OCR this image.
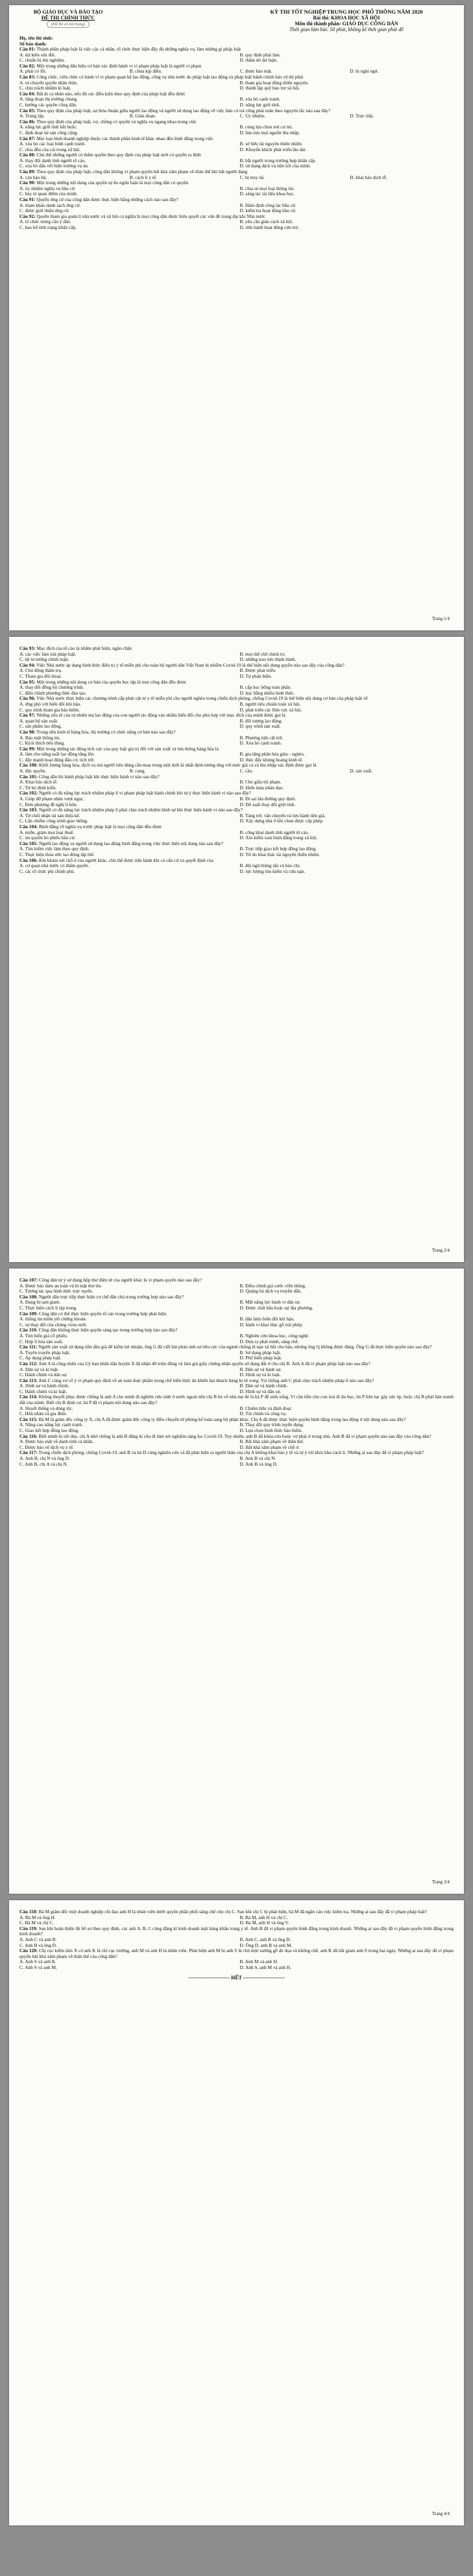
BỘ GIÁO DỤC VÀ ĐÀO TẠO
ĐỀ THI CHÍNH THỨC
(Đề thi có 04 trang)
KỲ THI TỐT NGHIỆP TRUNG HỌC PHỔ THÔNG NĂM 2020
Bài thi: KHOA HỌC XÃ HỘI
Môn thi thành phần: GIÁO DỤC CÔNG DÂN
Thời gian làm bài: 50 phút, không kể thời gian phát đề
Họ, tên thí sinh:
Số báo danh:
Câu 81: Thành phần pháp luật là việc các cá nhân, tổ chức thực hiện đầy đủ những nghĩa vụ, làm những gì pháp luật
A. dự kiến sửa đổi.	B. quy định phải làm.
C. chuẩn bị thủ nghiệm.	D. thăm dò dư luận.
Câu 82: Một trong những dấu hiệu cơ bản xác định hành vi vi phạm pháp luật là người vi phạm
A. phải có lỗi.	B. chưa kịp điều.	C. được bảo mật.	D. bị nghi ngờ.
Câu 83: Công chức, viên chức có hành vi vi phạm quan hệ lao động, công vụ nhà nước do pháp luật lao động và pháp luật hành chính bảo vệ thì phải
A. tư chuyển quyền nhân thân.	B. tham gia hoạt động thiện nguyện.
C. chịu trách nhiệm kỉ luật.	D. thành lập quỹ bảo trợ xã hội.
Câu 84: Bất kì cá nhân nào, nếu đủ các điều kiện theo quy định của pháp luật đều được
A. lãng đoạn thị trường chung.	B. xóa bỏ cạnh tranh.
C. hướng các quyền công dân.	D. nâng lực giới tính.
Câu 85: Theo quy định của pháp luật, sự thỏa thuận giữa người lao động và người sử dụng lao động về việc làm có trả công phải tuân theo nguyên tắc nào sau đây?
A. Trung lập.	B. Gián đoạn.	C. Ủy nhiệm.	D. Trực tiếp.
Câu 86: Theo quy định của pháp luật, vợ, chồng có quyền và nghĩa vụ ngang nhau trong việc
A. nâng lực giới tính bắt buộc.	B. cùng lựa chọn nơi cư trú.
C. định đoạt tài sản công cộng.	D. bảo lưu mọi nguồn thu nhập.
Câu 87: Mọi loại hình doanh nghiệp thuộc các thành phần kinh tế khác nhau đều bình đẳng trong việc
A. xóa bỏ các loại hình cạnh tranh.	B. sở hữu tài nguyên thiên nhiên.
C. chia đều của cải trong xã hội.	D. Khuyến khích phát triển lâu dài.
Câu 88: Chủ thể những người có thẩm quyền theo quy định của pháp luật mới có quyền ra lệnh
A. thay đổi danh tính người tố cáo.	B. bắt người trong trường hợp khẩn cấp.
C. xóa bỏ dấu vết hiện trường vụ án.	D. sử dụng dịch vụ tiện ích của mình.
Câu 89: Theo quy định của pháp luật, công dân không vi phạm quyền bất khả xâm phạm về thân thể khi bắt người đang
A. cản bảo hộ.	B. cách li y tế.	C. bị truy nã.	D. khai báo dịch tễ.
Câu 90: Một trong những nội dung của quyền tự do ngôn luận là mọi công dân có quyền
A. ủy nhiệm nghĩa vụ bầu cử.	B. chia sẻ mọi loại thông tin.
C. bày tỏ quan điểm của mình.	D. sáng tác tài liệu khoa học.
Câu 91: Quyền ứng cử của công dân được thực hiện bằng những cách nào sau đây?
A. tham khảo danh sách ứng cử.	B. Hàm định công tác bầu cử.
C. được giới thiệu ứng cử.	D. kiểm tra hoạt động bầu cử.
Câu 92: Quyền tham gia quản lí nhà nước và xã hội có nghĩa là mọi công dân được hiểu quyết các vấn đề trọng đại khi Nhà nước
A. tổ chức trưng cầu ý dân.	B. yêu cầu giản cách xã hội.
C. bao bố tình trạng khẩn cấp.	D. tiến hành hoạt động cứu trợ.
Trang 1/4
Câu 93: Mục đích của tổ cáo là nhằm phát hiện, ngăn chặn
A. các việc làm trái pháp luật.	B. mọi thể chế chính trị.
C. hệ tư tưởng chính tuận.	D. những trao lưu thịnh hành.
Câu 94: Việc Nhà nước áp dụng hình thức điều trị y tế miễn phí cho toàn bộ người dân Việt Nam bị nhiễm Covid-19 là thể hiện nội dung quyền nào sau đây của công dân?
A. Chủ động thăm trụ.	B. Được phát triển.
C. Tham gia đối thoại.	D. Tự phán biện.
Câu 95: Một trong những nội dung cơ bản của quyền học tập là mọi công dân đều được
A. thay đổi đồng bộ chương trình.	B. cấp học bổng toàn phần.
C. điều chỉnh phương thức đào tạo.	D. học bằng nhiều hình thức.
Câu 96: Việc Nhà nước thực hiện các chương trình cấp phát vật tư y tế miễn phí cho người nghèo trong chiến dịch phòng, chống Covid-19 là thể hiện nội dung cơ bản của pháp luật về
A. ứng phó với biến đổi khí hậu.	B. người tiêu chuẩn toàn xã hội.
C. quy trình tham gia bảo hiểm.	D. phát triển các lĩnh vực xã hội.
Câu 97: Những yếu tố của tự nhiên mà lao động của con người tác động vào nhằm biến đổi cho phù hợp với mục đích của mình được gọi là
A. quan hệ sản xuất.	B. đối tượng lao động.
C. sản phẩm lao động.	D. quy trình sản xuất.
Câu 98: Trong nền kinh tế hàng hóa, thị trường có chức năng cơ bản nào sau đây?
A. Bảo mật thông tin.	B. Phương tiện cất trữ.
C. Kích thích tiêu dùng.	D. Xóa bỏ cạnh tranh.
Câu 99: Một trong những tác động tích cực của quy luật giá trị đối với sản xuất và lưu thông hàng hóa là
A. làm cho năng suất lao động tăng lên.	B. gia tăng phân hóa giàu - nghèo.
C. đẩy mạnh hoạt động đầu cơ, tích trữ.	D. thúc đẩy khủng hoảng kinh tế.
Câu 100: Khối lượng hàng hóa, dịch vụ mà người tiêu dùng cần mua trong một thời kì nhất định tương ứng với mức giá cả và thu nhập xác định được gọi là
A. độc quyền.	B. cung.	C. cầu.	D. sản xuất.
Câu 101: Công dân thi hành pháp luật khi thực hiện hành vi nào sau đây?
A. Khai báo dịch tễ.	B. Che giấu tội phạm.
C. Từ bỏ định kiến.	D. Hiến máu nhân đạo.
Câu 102: Người có đủ năng lực trách nhiệm pháp lí vi phạm pháp luật hành chính khi tự ý thực hiện hành vi nào sau đây?
A. Giúp đỡ phạm nhân vượt ngục.	B. Đi sai làn đường quy định.
C. Đơn phương đề nghị li hôn.	D. Để xuất thay đổi giới tính.
Câu 103: Người có đủ năng lực trách nhiệm pháp lí phải chịu trách nhiệm hình sự khi thực hiện hành vi nào sau đây?
A. Từ chối nhận tài sản thừa kế.	B. Tàng trữ, vận chuyển và lưu hành tiền giả.
C. Lấn chiếm công trình giao thông.	D. Xây dựng nhà ở khi chưa được cấp phép.
Câu 104: Bình đẳng về nghĩa vụ trước pháp luật là mọi công dân đều được
A. miễn, giảm mọi loại thuế.	B. công khai danh tính người tố cáo.
C. ưu quyền bỏ phiếu bầu cử.	D. Xin kiểm soát bình đẳng trong xã hội.
Câu 105: Người lao động và người sử dụng lao động bình đẳng trong việc thực hiện nội dung nào sau đây?
A. Tìm kiếm việc làm theo quy định.	B. Trực tiếp giao kết hợp đồng lao động.
C. Thực hiện thỏa ước lao động tập thể.	D. Từ do khai thác tài nguyên thiên nhiên.
Câu 106: Khi khám xét chỗ ở của người khác, chủ thể được tiến hành khi có căn cứ và quyết định của
A. cơ quan nhà nước có thẩm quyền.	B. đội ngũ thông tấn và báo chí.
C. các tổ chức phi chính phủ.	D. lực lượng tìm kiếm và cứu nạn.
Trang 2/4
Câu 107: Công dân tự ý sử dụng hộp thư điện tử của người khác là vi phạm quyền nào sau đây?
A. Được bảo đảm an toàn và bí mật thư tín.	B. Điều chỉnh giá cước viễn thông.
C. Tương tác qua hình thức trực tuyến.	D. Quảng bá dịch vụ truyền dẫn.
Câu 108: Người dân trực tiếp thực hiện cơ chế dân chủ trong trường hợp nào sau đây?
A. Đang bị tạm giam.	B. Mất năng lực hành vi dân sự.
C. Thực hiện cách li tập trung.	D. Được chất bầu hoặc tại địa phương.
Câu 109: Công dân có thể thực hiện quyền tố cáo trong trường hợp phát hiện
A. thông tin miền yết chứng khoán.	B. dấu hiệu biến đổi khí hậu.
C. sự thay đổi của chủng virus mới.	D. hành vi khai thác gỗ trái phép.
Câu 110: Công dân không thực hiện quyền sáng tạo trong trường hợp nào sau đây?
A. Tìm hiểu giá cổ phiếu.	B. Nghiên cứu khoa học, công nghệ.
C. Hợp lí hóa sản xuất.	D. Đưa ra phát minh, sáng chế.
Câu 111: Người sản xuất sử dụng tiền dầu giả để kiếm lợi nhuận, ông G đã viết bài phản ánh sự tiêu cực của ngành chống tệ nạn xã hội cho báo, nhưng ông Q không được đăng. Ông G đã thực hiện quyền nào sau đây?
A. Tuyên truyền pháp luật.	B. Sử dụng pháp luật.
C. Áp dụng pháp luật.	D. Phổ biến pháp luật.
Câu 112: Anh A là công nhân của Uỷ ban nhân dân huyện X đã nhận 40 triệu đồng và làm giả giấy chứng nhận quyền sử dụng đất ở cho chị B. Anh A đã vi phạm pháp luật nào sau đây?
A. Dân sự và kỉ luật.	B. Dân sự và hành sự.
C. Hành chính và dân sự.	D. Hình sự và kỉ luật.
Câu 113: Anh C cùng vợ cố ý vi phạm quy định về an toàn thực phẩm trong chế biến thức ăn khiến hai khách hàng bị tử vong. Vợ chồng anh C phải chịu trách nhiệm pháp lí nào sau đây?
A. Hình sự và hành chính.	B. Dân sự và hành chính.
C. Hành chính và kỉ luật.	D. Hình sự và dân sự.
Câu 114: Không thuyết phục được chồng là anh A cho mình đi nghiên cứu sinh ở nước ngoài nên chị B bỏ về nhà mẹ đẻ là bà P để sinh sống. Vì cần tiền cho con trai đi du học, bà P liên tục gây sức ép, buộc chị B phải bán mảnh đất của mình. Biết chị B định cư, bà P đã vi phạm nội dung nào sau đây?
A. Huyết thống và dòng tộc.	B. Chiếm hữu và định đoạt.
C. Hôn nhân và gia đình.	D. Tài chính và công vụ.
Câu 115: Bà M là giám đốc công ty X, chị A đã được giám đốc công ty điều chuyển từ phòng kế toán sang bộ phận khác. Chị A đã được thực hiện quyền bình đẳng trong lao động ở nội dung nào sau đây?
A. Nâng cao năng lực cạnh tranh.	B. Thay đổi quy trình tuyển dụng.
C. Giao kết hợp đồng lao động.	D. Lựa chọn hình thức bảo hiểm.
Câu 116: Biết mình bị sốt nhẹ, chị A nhờ chồng là anh B đăng kí cho đi làm xét nghiệm sàng lọc Covid-19. Tuy nhiên, anh B đã khóa cửa buộc vợ phải ở trong nhà. Anh B đã vi phạm quyền nào sau đây của công dân?
A. Được bảo mật về danh tính cá nhân.	B. Bất khả xâm phạm về thân thể.
C. Được bảo vệ dịch vụ y tế.	D. Bất khả xâm phạm về chỗ ở.
Câu 117: Trong chiến dịch phòng, chống Covid-19, anh B và bà D cùng nghiên cứu và đã phát hiện ra người thân của chị A không khai báo y tế và tự ý rời khỏi khu cách li. Những ai sau đây đã vi phạm pháp luật?
A. Anh B, chị N và ông D.	B. Anh B và chị N.
C. Anh B, chị A và chị N.	D. Anh B và ông D.
Trang 3/4
Câu 118: Bà M giám đốc một doanh nghiệp chỉ đạo anh H là nhân viên dưới quyền phân phối sáng chế cho chị C. Sau khi chị C bị phát hiện, bà M đã ngăn cản việc kiểm tra. Những ai sau đây đã vi phạm pháp luật?
A. Bà M và ông H.	B. Bà M, anh H và chị C.
C. Bà M và chị C.	D. Bà M, anh H và ông V.
Câu 119: Sau khi hoàn thiện đủ hồ sơ theo quy định, các anh A, B, C cùng đăng kí kinh doanh mặt hàng khẩu trang y tế. Anh B đã vi phạm quyền bình đẳng trong kinh doanh. Những ai sau đây đã vi phạm quyền bình đẳng trong kinh doanh?
A. Anh C và anh B.	B. Anh C, anh B và ông D.
C. Anh B và ông D.	D. Ông D, anh B và anh M.
Câu 120: Chị cục kiểm lâm X có anh K là chi cục trưởng, anh M và anh H là nhân viên. Phát hiện anh M bị anh S là chủ một xưởng gỗ đe dọa và khống chế, anh K đã bắt giam anh S trong hai ngày. Những ai sau đây đã vi phạm quyền bất khả xâm phạm về thân thể của công dân?
A. Anh S và anh K.	B. Anh M và anh H.
C. Anh S và anh M.	D. Anh S, anh M và anh H.
------------------------ HẾT ------------------------
Trang 4/4
